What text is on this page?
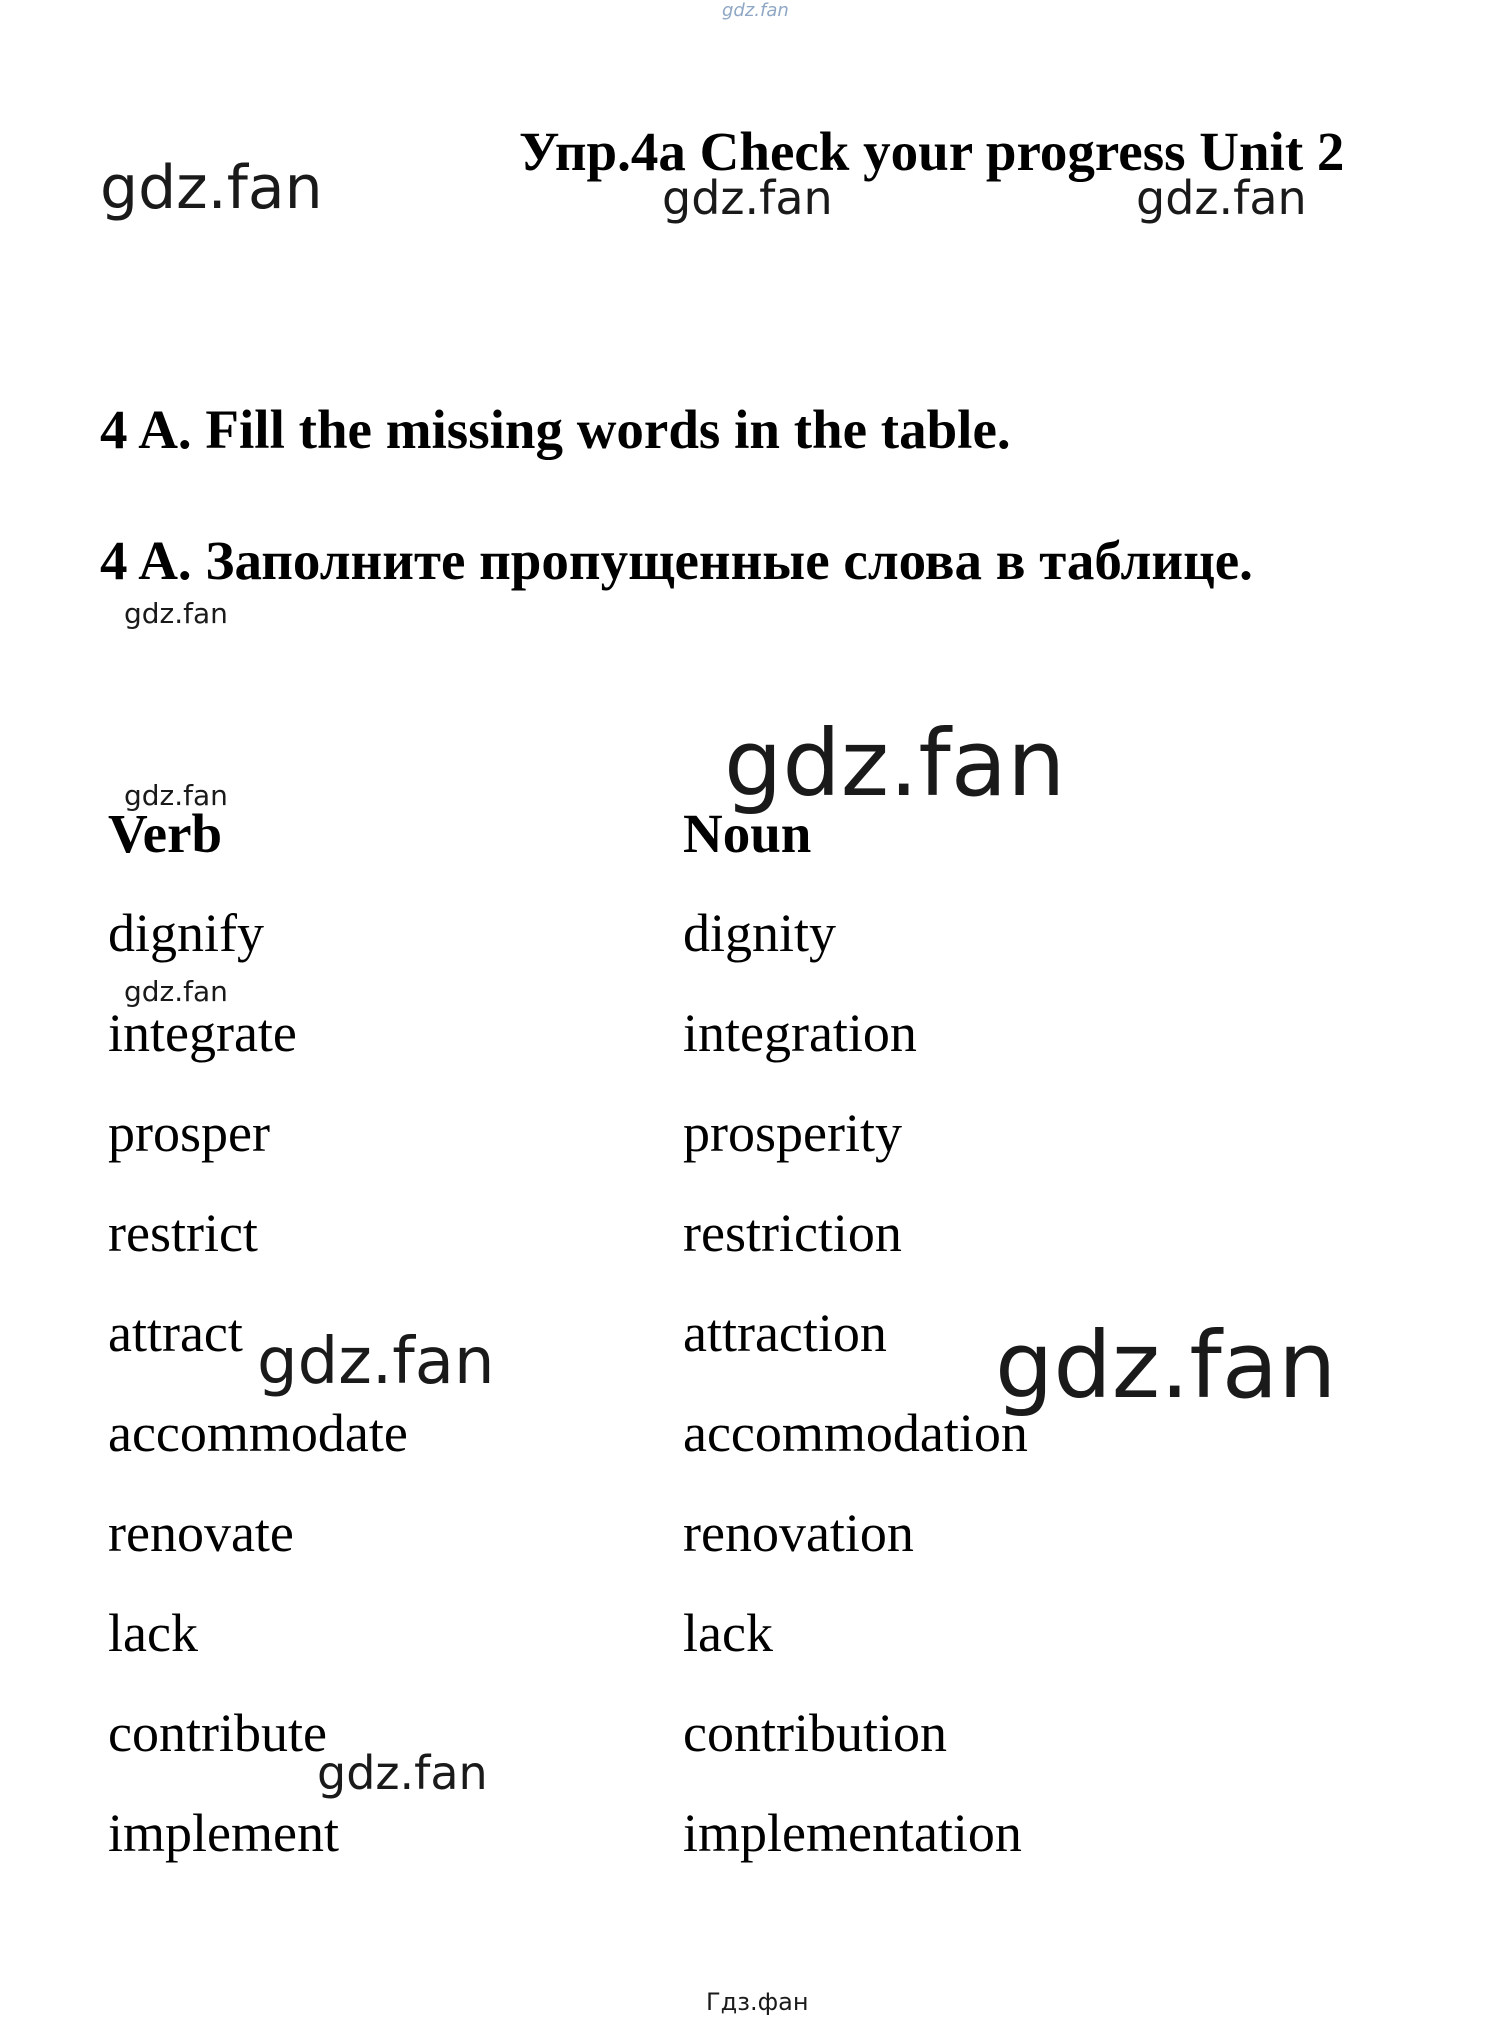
gdz.fan
Упр.4a Check your progress Unit 2
gdz.fan	gdz.fan	gdz.fan
4 A. Fill the missing words in the table.
4 A. Заполните пропущенные слова в таблице.
gdz.fan
gdz.fan
gdz.fan
Verb	Noun
dignify	dignity
gdz.fan
integrate	integration
prosper	prosperity
restrict	restriction
attract	attraction
gdz.fan	gdz.fan
accommodate	accommodation
renovate	renovation
lack	lack
contribute	contribution
gdz.fan
implement	implementation
Гдз.фан
